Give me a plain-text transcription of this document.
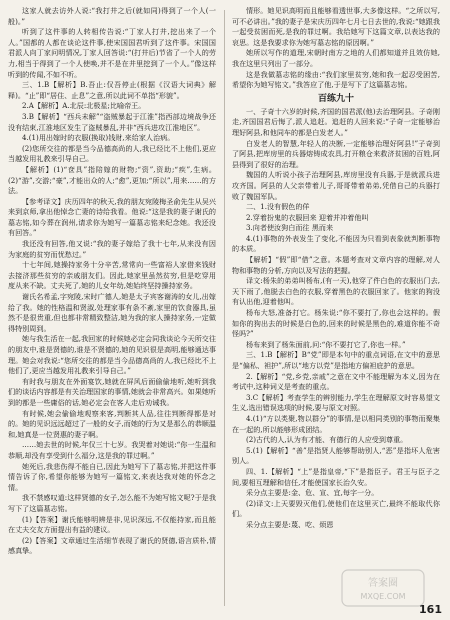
这家人就去访外人说:“我打井之后(就如同)得到了一个人(一般)。”

听到了这件事的人转相传告说:“丁家人打井,挖出来了一个人。”国都的人都在谈论这件事,使宋国国君听到了这件事。宋国国君派人向丁家问明情况,丁家人回答说:“(打井后)节省了一个人的劳力,相当于得到了一个人使唤,并不是在井里挖到了一个人。”像这样听到的传闻,不如不听。

三、1.B【解析】B.吾止:仅吾停止(根据《汉语大词典》解释)。“止”即“居住、止息”之意,所以此词不单指“形貌”。

2.A【解析】A.北辰:北极星;比喻帝王。

3.B【解析】“西兵未解”“盗贼暴起于江淮”指西部边境战争还没有结束,江淮地区发生了盗贼暴乱,并非“西兵进攻江淮地区”。

4.(1)用出嫁时的衣服(换取)钱财,来给家人治病。

(2)您所交往的都是当今品德高尚的人,我已经比不上他们,更应当越发用礼教来引导自己。

【解析】(1)“奁具”指陪嫁的财物;“资”,资助;“疾”,生病。(2)“游”,交游;“豪”,才能出众的人;“愈”,更加;“所以”,用来……的方法。

【参考译文】庆历四年的秋天,我的朋友宛陵梅圣俞先生从吴兴来到京师,拿出他悼念亡妻的诗给我看。他说:“这是我的妻子谢氏的墓志铭,如今葬在润州,请求你为她写一篇墓志铭来纪念她。我还没有回答。”

我还没有回答,他又说:“我的妻子嫁给了我十七年,从来没有因为家庭的贫穷而忧愁过。”

十七年间,她操持家务十分辛苦,常常向一些富裕人家借来钱财去接济那些贫穷的亲戚朋友们。因此,她家里虽然贫穷,但是吃穿用度从来不缺。丈夫死了,她的儿女年幼,她始终坚持操持家务。

谢氏名希孟,字宛陵,宋时广德人,她是太子宾客谢涛的女儿,出嫁给了我。她的性格温和贤淑,处理家事有条不紊,家里的饮食器具,虽然不是很贵重,但也都非常精致整洁,她为我的家人操持家务,一定做得特别周到。

她与我生活在一起,我回家的时候她必定会同我谈论今天所交往的朋友中,谁是贤德的,谁是不贤德的,她的见识很是高明,能够通达事理。她会对我说:“您所交往的都是当今品德高尚的人,我已经比不上他们了,更应当越发用礼教来引导自己。”

有时我与朋友在外面宴饮,她就在屏风后面偷偷地听,她听到我们的谈话内容都是有关治理国家的事情,她就会非常高兴。如果她听到的都是一些庸俗的话,她必定会在客人走后劝诫我。

有时候,她会偷偷地观察来客,判断其人品,往往判断得都是对的。她的见识远远超过了一般的女子,而她的行为又是那么的恭顺温和,她真是一位贤惠的妻子啊。

……她去世的时候,年仅三十七岁。我哭着对她说:“你一生温和恭顺,却没有享受到什么福分,这是我的罪过啊。”

她死后,我悲伤得不能自已,因此为她写下了墓志铭,并把这件事情告诉了你,希望你能够为她写一篇铭文,来表达我对她的怀念之情。

我不禁感叹道:这样贤德的女子,怎么能不为她写铭文呢?于是我写下了这篇墓志铭。

(1)【答案】谢氏能够明辨是非,见识深远,不仅能持家,而且能在丈夫交友方面提出有益的建议。

(2)【答案】文章通过生活细节表现了谢氏的贤德,语言质朴,情感真挚。

情形。她见识高明而且能够看透世事,大多像这样。“之所以写,可不必讲出。”我的妻子是宋庆历四年七月七日去世的,我说:“她跟我一起受贫困而死,是我的罪过啊。我给她写下这篇文章,以表达我的哀思。这是我要求你为她写墓志铭的原因啊。”

她所以写作的道理,宋朝时南方之地的人们都知道并且效仿她,我在这里只列出了一部分。

这是我做墓志铭的缘由:“我们家里贫穷,她和我一起忍受困苦,希望你为她写铭文。”我答应了他,于是写下了这篇墓志铭。

百练九十

一、子奇十六岁的时候,齐国的国君派(他)去治理阿县。子奇刚走,齐国国君后悔了,派人追赶。追赶的人回来说:“子奇一定能够治理好阿县,和他同车的都是白发老人。”

白发老人的智慧,年轻人的决断,一定能够治理好阿县!”子奇到了阿县,把库房里的兵器熔铸成农具,打开粮仓来救济贫困的百姓,阿县得到了很好的治理。

魏国的人听说小孩子治理阿县,库房里没有兵器,于是就派兵进攻齐国。阿县的人父亲带着儿子,哥哥带着弟弟,凭借自己的兵器打败了魏国军队。

二、1.没有假色的佯

2.穿着扮鬼的衣服回来 迎着并冲着他叫

3.向者使汝狗白而往 黑而来

4.(1)事物的外表发生了变化,不能因为只看到表象就判断事物的本质。

【解析】“假”即“借”之意。本题考查对文章内容的理解,对人物和事物的分析,方向以及写法的把握。

译文:杨朱的弟弟叫杨布,(有一天),他穿了件白色的衣服出门去,天下雨了,他脱去白色的衣服,穿着黑色的衣服回家了。他家的狗没有认出他,迎着他叫。

杨布大怒,准备打它。杨朱说:“你不要打了,你也会这样的。假如你的狗出去的时候是白色的,回来的时候是黑色的,难道你能不奇怪吗?”

杨布来到了杨朱面前,问:“你不要打它了,你也一样。”

三、1.B【解析】B“党”即是本句中的重点词语,在文中的意思是“偏私、袒护”,所以“地方以党”是指地方偏袒庇护的意思。

2.【解析】“党,乡党,亲戚”之意在文中不能理解为本义,因为在考试中,这种词义是考查的重点。

3.C【解析】考查学生的辨别能力,学生在理解原文时容易望文生义,选出错误选项的时候,要与原文对照。

4.(1)“方以类聚,物以群分”的事情,是以相同类别的事物而聚集在一起的,所以能够形成团结。

(2)古代的人,认为有才能、有德行的人应受到尊重。

5.(1)【解析】“善”是指贤人能够帮助别人,“恶”是指坏人危害别人。

四、1.【解析】“上”是指皇帝,“下”是指臣子。君王与臣子之间,要相互理解和信任,才能使国家长治久安。

采分点主要是:金、危、宣、宜,每字一分。

(2)译文:上天要毁灭他们,使他们在这里灭亡,最终不能取代你们。

采分点主要是:蔑、吃、烦恩

161
答案圈
MXQE.COM
